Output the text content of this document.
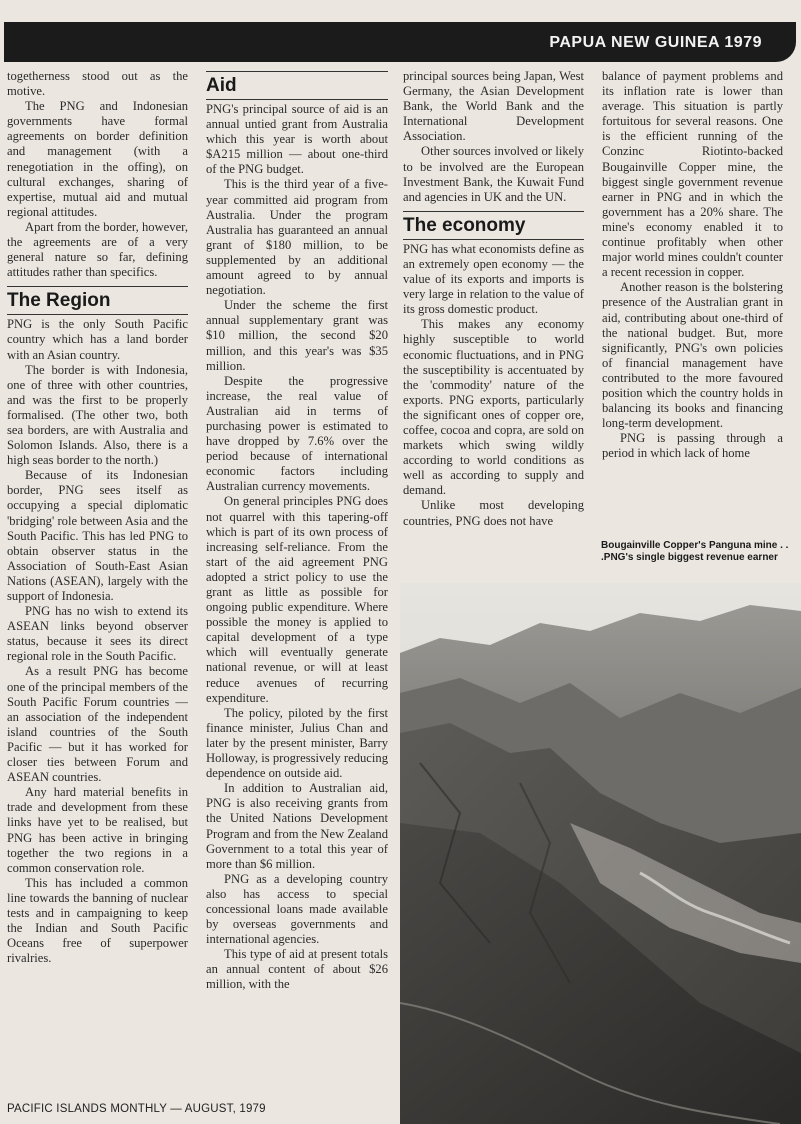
PAPUA NEW GUINEA 1979

togetherness stood out as the motive.

The PNG and Indonesian governments have formal agreements on border definition and management (with a renegotiation in the offing), on cultural exchanges, sharing of expertise, mutual aid and mutual regional attitudes.

Apart from the border, however, the agreements are of a very general nature so far, defining attitudes rather than specifics.

The Region

PNG is the only South Pacific country which has a land border with an Asian country.

The border is with Indonesia, one of three with other countries, and was the first to be properly formalised. (The other two, both sea borders, are with Australia and Solomon Islands. Also, there is a high seas border to the north.)

Because of its Indonesian border, PNG sees itself as occupying a special diplomatic 'bridging' role between Asia and the South Pacific. This has led PNG to obtain observer status in the Association of South-East Asian Nations (ASEAN), largely with the support of Indonesia.

PNG has no wish to extend its ASEAN links beyond observer status, because it sees its direct regional role in the South Pacific.

As a result PNG has become one of the principal members of the South Pacific Forum countries — an association of the independent island countries of the South Pacific — but it has worked for closer ties between Forum and ASEAN countries.

Any hard material benefits in trade and development from these links have yet to be realised, but PNG has been active in bringing together the two regions in a common conservation role.

This has included a common line towards the banning of nuclear tests and in campaigning to keep the Indian and South Pacific Oceans free of superpower rivalries.

Aid

PNG's principal source of aid is an annual untied grant from Australia which this year is worth about $A215 million — about one-third of the PNG budget.

This is the third year of a five-year committed aid program from Australia. Under the program Australia has guaranteed an annual grant of $180 million, to be supplemented by an additional amount agreed to by annual negotiation.

Under the scheme the first annual supplementary grant was $10 million, the second $20 million, and this year's was $35 million.

Despite the progressive increase, the real value of Australian aid in terms of purchasing power is estimated to have dropped by 7.6% over the period because of international economic factors including Australian currency movements.

On general principles PNG does not quarrel with this tapering-off which is part of its own process of increasing self-reliance. From the start of the aid agreement PNG adopted a strict policy to use the grant as little as possible for ongoing public expenditure. Where possible the money is applied to capital development of a type which will eventually generate national revenue, or will at least reduce avenues of recurring expenditure.

The policy, piloted by the first finance minister, Julius Chan and later by the present minister, Barry Holloway, is progressively reducing dependence on outside aid.

In addition to Australian aid, PNG is also receiving grants from the United Nations Development Program and from the New Zealand Government to a total this year of more than $6 million.

PNG as a developing country also has access to special concessional loans made available by overseas governments and international agencies.

This type of aid at present totals an annual content of about $26 million, with the

principal sources being Japan, West Germany, the Asian Development Bank, the World Bank and the International Development Association.

Other sources involved or likely to be involved are the European Investment Bank, the Kuwait Fund and agencies in UK and the UN.

The economy

PNG has what economists define as an extremely open economy — the value of its exports and imports is very large in relation to the value of its gross domestic product.

This makes any economy highly susceptible to world economic fluctuations, and in PNG the susceptibility is accentuated by the 'commodity' nature of the exports. PNG exports, particularly the significant ones of copper ore, coffee, cocoa and copra, are sold on markets which swing wildly according to world conditions as well as according to supply and demand.

Unlike most developing countries, PNG does not have

balance of payment problems and its inflation rate is lower than average. This situation is partly fortuitous for several reasons. One is the efficient running of the Conzinc Riotinto-backed Bougainville Copper mine, the biggest single government revenue earner in PNG and in which the government has a 20% share. The mine's economy enabled it to continue profitably when other major world mines couldn't counter a recent recession in copper.

Another reason is the bolstering presence of the Australian grant in aid, contributing about one-third of the national budget. But, more significantly, PNG's own policies of financial management have contributed to the more favoured position which the country holds in balancing its books and financing long-term development.

PNG is passing through a period in which lack of home

Bougainville Copper's Panguna mine . . .PNG's single biggest revenue earner
PACIFIC ISLANDS MONTHLY — AUGUST, 1979
